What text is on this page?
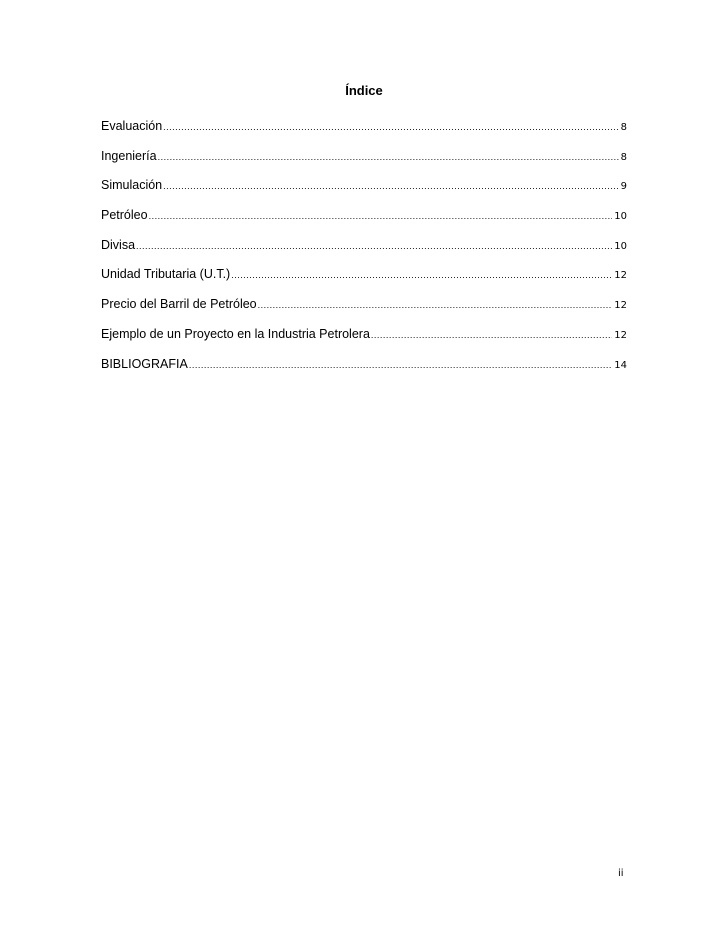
Índice
Evaluación .....	8
Ingeniería .....	8
Simulación .....	9
Petróleo .....	10
Divisa .....	10
Unidad Tributaria (U.T.) .....	12
Precio del Barril de Petróleo .....	12
Ejemplo de un Proyecto en la Industria Petrolera .....	12
BIBLIOGRAFIA .....	14
ii
